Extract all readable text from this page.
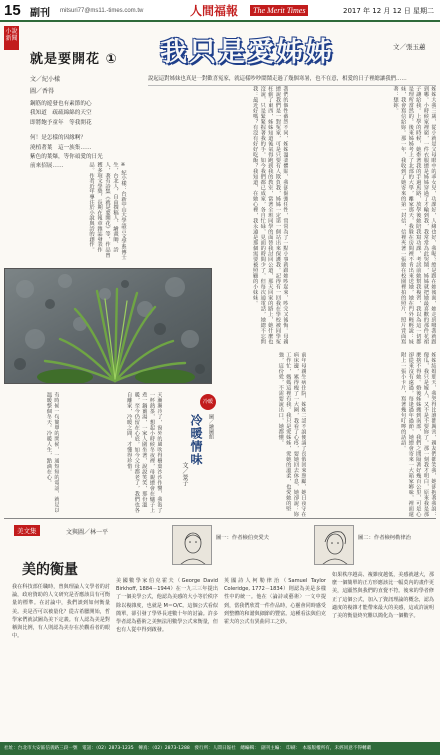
15 副刊 mitsuri77@ms11.-times.com.tw	人間福報	The Merit Times	2017 年 12 月 12 日 星期二
小說 新聞
就是要開花 ①
文／紀小樣
圖／香得

鋼筋的遊發也有素節的心

我知道　疏疏綿綿的天空

即將飽予童年　等我開花

何！是怎樣的因緣啊？

澆植著葉　這一族集……

紫色的葉爆，等你頑愛的日光

前來招展……	※ 紀小樣：台新中山大學語言文學系博士生，台北人，自由撰稿人、繪畫師、詩人，著有詩集《就是要開花》等，作品曾獲多項文學獎，長期在報章雜誌發表作品。作者近年專注於小說與詩的創作。
我只是愛姊姊	文／張玉蕙
說起這對姊妹也真是一對歡喜冤家，就這樣吵吵鬧鬧走過了幾個寒暑，也不在意，相愛的日子裡總讓我們……
姊姊大我三歲，從小就是父母眼中的乖女兒，功課好，人緣也好，我呢？總是跟在她後面，她走到哪我就跟到哪。小時候家裡窮，一件衣服總是姊姊穿過了才輪到我，我常常為此哭鬧，姊姊就把她最喜歡的那件花裙子讓給我。上學的時候，她牽著我的手過馬路，放學後她陪我寫功課，考試前她幫我複習，我以為這一切都是理所當然的。後來姊姊考上了北部的大學，離家那天，我躲在房間裡不肯出來送她，她在門外輕輕說：妹妹，我會寫信給妳。那一年，我收到了她寄來的第一封信，信裡夾著一張她在校園裡拍的照片，照片背面寫著：想妳。
我們的個性截然不同，姊姊溫柔體貼，我卻倔強任性，常常為了一點小事就跟她吵起來，吵完又後悔。母親總說我們是一對冤家，可是只要有人欺負我，姊姊一定第一個站出來保護我。記得有一回我在學校被同學冤枉偷了東西，姊姊知道後氣得跑到我的教室，當著全班同學的面替我討回公道，那天回家的路上，她什麼也沒說，只是緊緊握著我的手。如今我們都已成家，各自忙碌，見面的時間少了，但每次通電話，她總不忘問我：最近好嗎？有沒有好好吃飯？我知道，在她心裡，我永遠是那個需要被照顧的小妹妹。
姊姊結婚那天，我哭得比誰都厲害，親友們都笑我，她卻抱著我說：傻瓜，我只是嫁人，又不是不要妳了。那一刻我才明白，原來我是那麼捨不得她。婚後姊姊搬到南部，我們之間隔著好幾百公里，可是心卻從來沒有遠過。每逢過年過節，她總會寄來一大箱家鄉味，裡面還附上一張小卡片，寫著幾句叮嚀的話語。
前年母親生病住院，姊姊二話不說便請了長假回來照顧，她日夜守在病床邊，累得瘦了一大圈，我看了心疼，要她回去休息，她卻說：妳工作忙，媽媽這裡有我。我只是愛姊姊，愛她的溫柔，也愛她的堅強，這份愛，不需要說出口，她都懂。
冷暖
冷暖情味
文／景子
圖／繪圖館
天漸漸冷了，窗外的風吹得樹葉沙沙作響，我泡了一杯熱茶，想起小時候冬夜裡，母親總會在爐子上煮一鍋薑湯，一家人圍坐著，說說笑笑，那份溫暖，至今仍留在心底。如今父母都老了，我們也各自離家，冷暖之間，才懂得珍惜。
有時候一句簡單的問候，一通短短的電話，就足以溫暖整個冬天。冷暖人生，點滴在心。
美文集	文與圖／林一平
美的衡量
圖一：作者檢伯奕愛夫	圖二：作者檢柯勒律治
我在科技部任職時，曾與理論人文學者的討論，政府資助的人文研究是否應該具有可衡量的標準。在討論中，我們談到如何衡量美。美是否可以被量化？從古希臘開始，哲學家們就試圖為美下定義。有人認為美是對稱與比例，有人則認為美存在於觀看者的眼中。
美國數學家伯克霍夫（George David Birkhoff, 1884－1944）在一九三三年提出了一個美學公式，他認為美感的大小等於秩序除以複雜度，也就是 M＝O/C。這個公式看似簡單，卻引發了學界長達數十年的討論。許多學者認為藝術之美無法用數學公式來衡量，但也有人從中得到啟發。
英國詩人柯勒律治（Samuel Taylor Coleridge, 1772－1834）則認為美是多樣性中的統一。他在〈論詩或藝術〉一文中提到，當我們欣賞一件作品時，心靈會同時感受到整體的和諧與細節的豐富。這種看法與伯克霍夫的公式有異曲同工之妙。
如果秩序越高、複雜度越低，美感就越大，那麼一個簡單的正方形應該比一幅莫內的畫作更美，這顯然與我們的直覺不符。後來的學者修正了這個公式，加入了資訊理論的概念，認為適度的複雜才能帶來最大的美感，這或許說明了美的衡量終究難以簡化為一個數字。
社址：台北市大安區信義路三段一號　電話：（02）2873-1235　傳真：（02）2873-1288　發行所：人間日報社　總編輯：　副刊主編：　印刷：　本報版權所有，未經同意不得轉載
